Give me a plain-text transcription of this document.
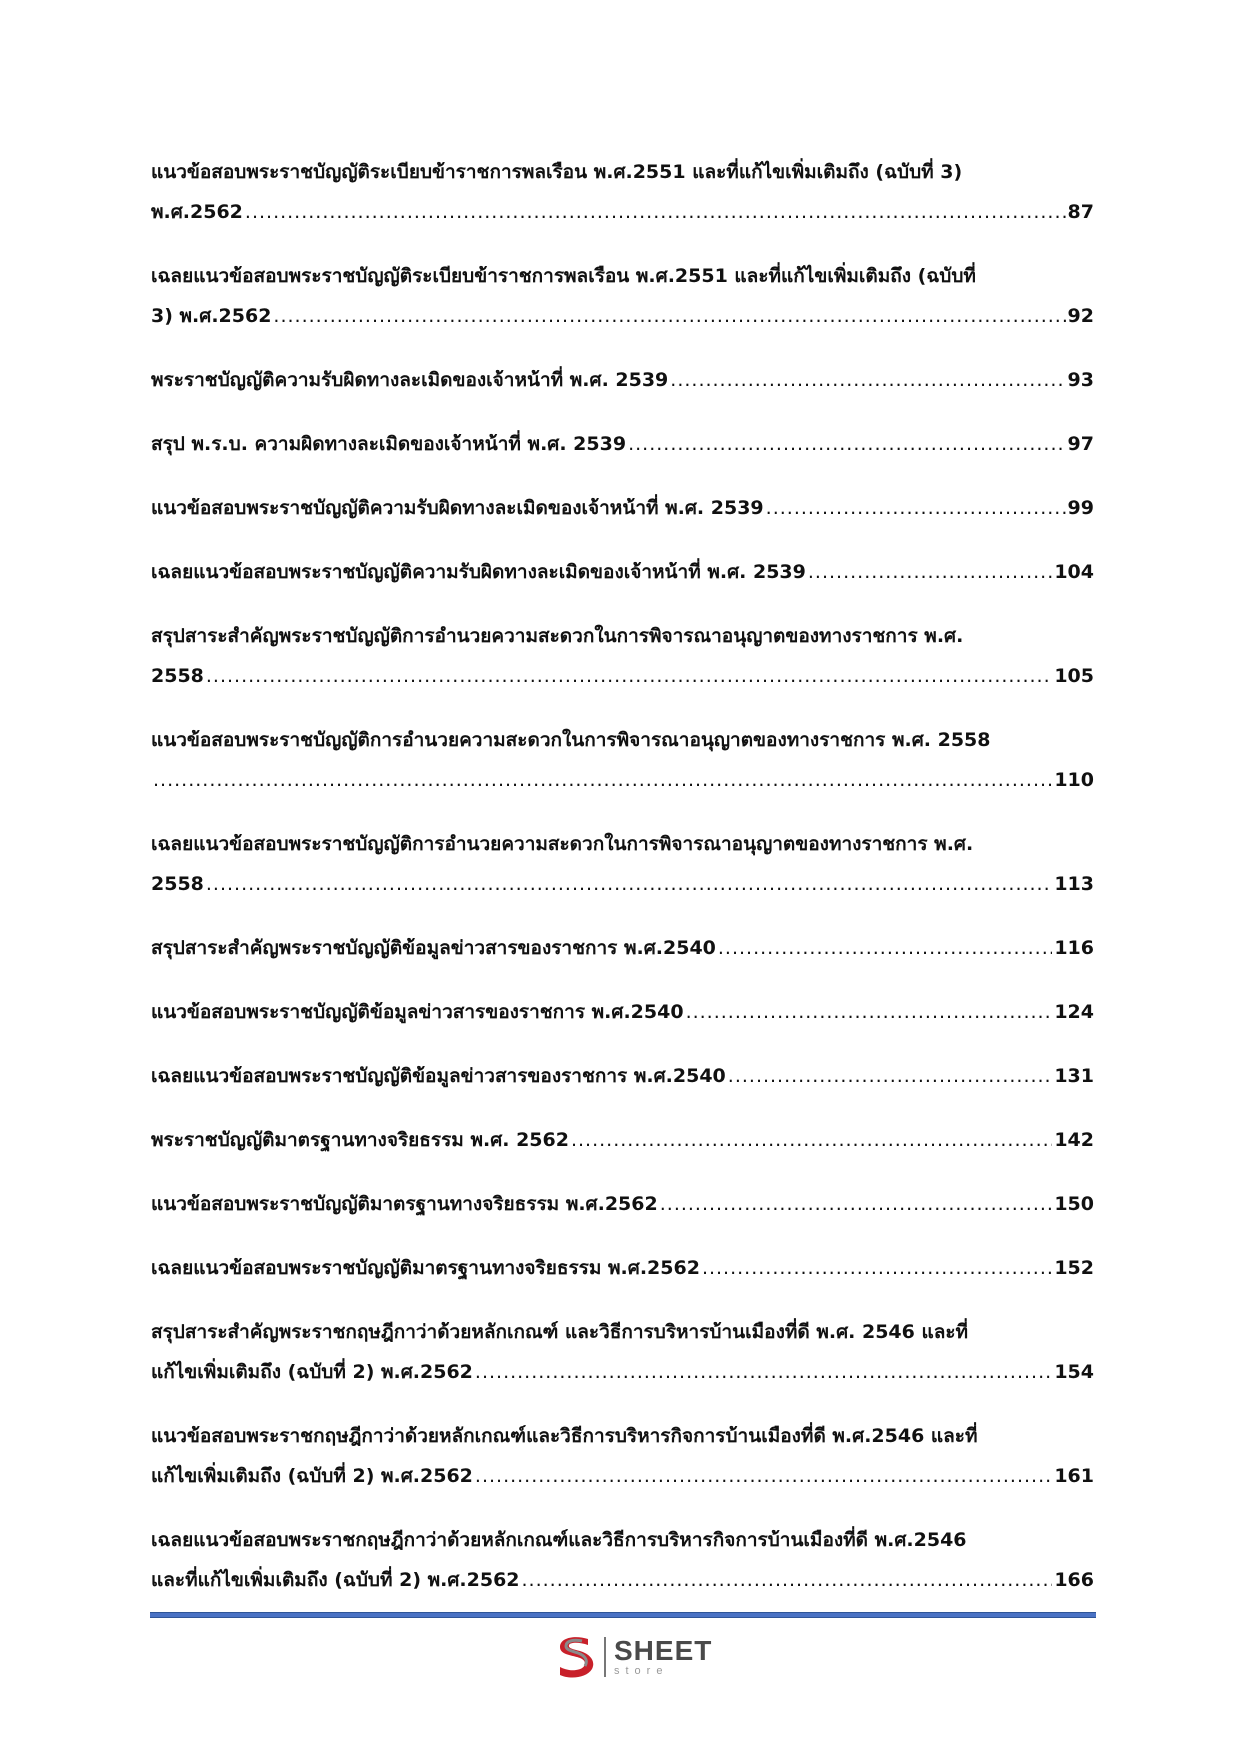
แนวข้อสอบพระราชบัญญัติระเบียบข้าราชการพลเรือน พ.ศ.2551 และที่แก้ไขเพิ่มเติมถึง (ฉบับที่ 3)
พ.ศ.2562 .....	87
เฉลยแนวข้อสอบพระราชบัญญัติระเบียบข้าราชการพลเรือน พ.ศ.2551 และที่แก้ไขเพิ่มเติมถึง (ฉบับที่
3) พ.ศ.2562 .....	92
พระราชบัญญัติความรับผิดทางละเมิดของเจ้าหน้าที่ พ.ศ. 2539 .....	93
สรุป พ.ร.บ. ความผิดทางละเมิดของเจ้าหน้าที่ พ.ศ. 2539 .....	97
แนวข้อสอบพระราชบัญญัติความรับผิดทางละเมิดของเจ้าหน้าที่ พ.ศ. 2539 .....	99
เฉลยแนวข้อสอบพระราชบัญญัติความรับผิดทางละเมิดของเจ้าหน้าที่ พ.ศ. 2539 .....	104
สรุปสาระสำคัญพระราชบัญญัติการอำนวยความสะดวกในการพิจารณาอนุญาตของทางราชการ พ.ศ.
2558 .....	105
แนวข้อสอบพระราชบัญญัติการอำนวยความสะดวกในการพิจารณาอนุญาตของทางราชการ พ.ศ. 2558
.....
110
เฉลยแนวข้อสอบพระราชบัญญัติการอำนวยความสะดวกในการพิจารณาอนุญาตของทางราชการ พ.ศ.
2558 .....	113
สรุปสาระสำคัญพระราชบัญญัติข้อมูลข่าวสารของราชการ พ.ศ.2540 .....	116
แนวข้อสอบพระราชบัญญัติข้อมูลข่าวสารของราชการ พ.ศ.2540 .....	124
เฉลยแนวข้อสอบพระราชบัญญัติข้อมูลข่าวสารของราชการ พ.ศ.2540 .....	131
พระราชบัญญัติมาตรฐานทางจริยธรรม พ.ศ. 2562 .....	142
แนวข้อสอบพระราชบัญญัติมาตรฐานทางจริยธรรม พ.ศ.2562 .....	150
เฉลยแนวข้อสอบพระราชบัญญัติมาตรฐานทางจริยธรรม พ.ศ.2562 .....	152
สรุปสาระสำคัญพระราชกฤษฎีกาว่าด้วยหลักเกณฑ์ และวิธีการบริหารบ้านเมืองที่ดี พ.ศ. 2546 และที่
แก้ไขเพิ่มเติมถึง (ฉบับที่ 2) พ.ศ.2562 .....	154
แนวข้อสอบพระราชกฤษฎีกาว่าด้วยหลักเกณฑ์และวิธีการบริหารกิจการบ้านเมืองที่ดี พ.ศ.2546 และที่
แก้ไขเพิ่มเติมถึง (ฉบับที่ 2) พ.ศ.2562 .....	161
เฉลยแนวข้อสอบพระราชกฤษฎีกาว่าด้วยหลักเกณฑ์และวิธีการบริหารกิจการบ้านเมืองที่ดี พ.ศ.2546
และที่แก้ไขเพิ่มเติมถึง (ฉบับที่ 2) พ.ศ.2562 .....	166
SHEET
store
